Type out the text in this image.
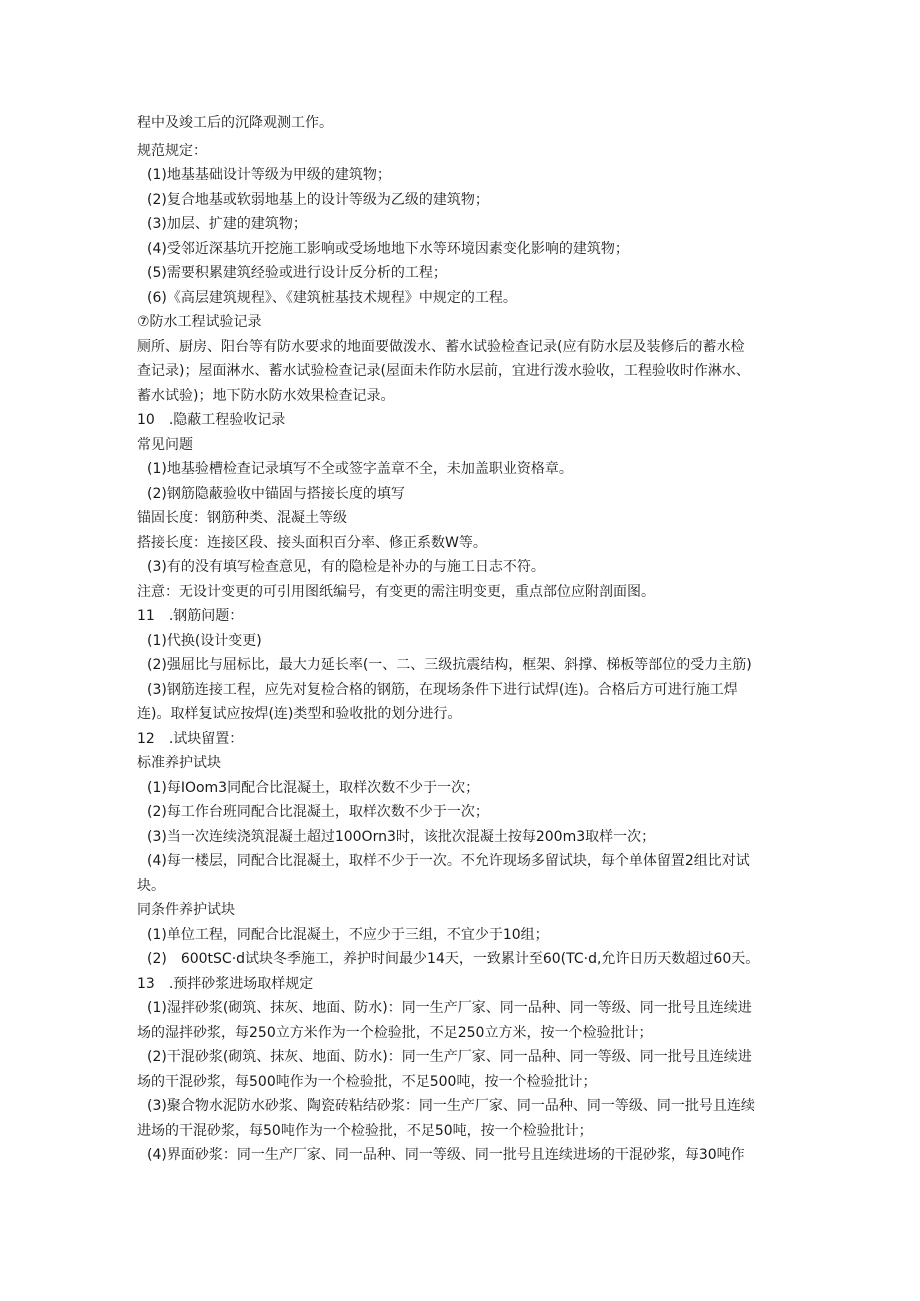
程中及竣工后的沉降观测工作。
规范规定：
(1)地基基础设计等级为甲级的建筑物；
(2)复合地基或软弱地基上的设计等级为乙级的建筑物；
(3)加层、扩建的建筑物；
(4)受邻近深基坑开挖施工影响或受场地地下水等环境因素变化影响的建筑物；
(5)需要积累建筑经验或进行设计反分析的工程；
(6)《高层建筑规程》、《建筑桩基技术规程》中规定的工程。
⑦防水工程试验记录
厕所、厨房、阳台等有防水要求的地面要做泼水、蓄水试验检查记录(应有防水层及装修后的蓄水检
查记录)；屋面淋水、蓄水试验检查记录(屋面未作防水层前，宜进行泼水验收，工程验收时作淋水、
蓄水试验)；地下防水防水效果检查记录。
10　.隐蔽工程验收记录
常见问题
(1)地基验槽检查记录填写不全或签字盖章不全，未加盖职业资格章。
(2)钢筋隐蔽验收中锚固与搭接长度的填写
锚固长度：钢筋种类、混凝土等级
搭接长度：连接区段、接头面积百分率、修正系数W等。
(3)有的没有填写检查意见，有的隐检是补办的与施工日志不符。
注意：无设计变更的可引用图纸编号，有变更的需注明变更，重点部位应附剖面图。
11　.钢筋问题：
(1)代换(设计变更)
(2)强屈比与屈标比，最大力延长率(一、二、三级抗震结构，框架、斜撑、梯板等部位的受力主筋)
(3)钢筋连接工程，应先对复检合格的钢筋，在现场条件下进行试焊(连)。合格后方可进行施工焊
连)。取样复试应按焊(连)类型和验收批的划分进行。
12　.试块留置：
标准养护试块
(1)每IOom3同配合比混凝土，取样次数不少于一次；
(2)每工作台班同配合比混凝土，取样次数不少于一次；
(3)当一次连续浇筑混凝土超过100Orn3时，该批次混凝土按每200m3取样一次；
(4)每一楼层，同配合比混凝土，取样不少于一次。不允许现场多留试块，每个单体留置2组比对试
块。
同条件养护试块
(1)单位工程，同配合比混凝土，不应少于三组，不宜少于10组；
(2)　600tSC·d试块冬季施工，养护时间最少14天，一致累计至60(TC·d,允许日历天数超过60天。
13　.预拌砂浆进场取样规定
(1)湿拌砂浆(砌筑、抹灰、地面、防水)：同一生产厂家、同一品种、同一等级、同一批号且连续进
场的湿拌砂浆，每250立方米作为一个检验批，不足250立方米，按一个检验批计；
(2)干混砂浆(砌筑、抹灰、地面、防水)：同一生产厂家、同一品种、同一等级、同一批号且连续进
场的干混砂浆，每500吨作为一个检验批，不足500吨，按一个检验批计；
(3)聚合物水泥防水砂浆、陶瓷砖粘结砂浆：同一生产厂家、同一品种、同一等级、同一批号且连续
进场的干混砂浆，每50吨作为一个检验批，不足50吨，按一个检验批计；
(4)界面砂浆：同一生产厂家、同一品种、同一等级、同一批号且连续进场的干混砂浆，每30吨作
